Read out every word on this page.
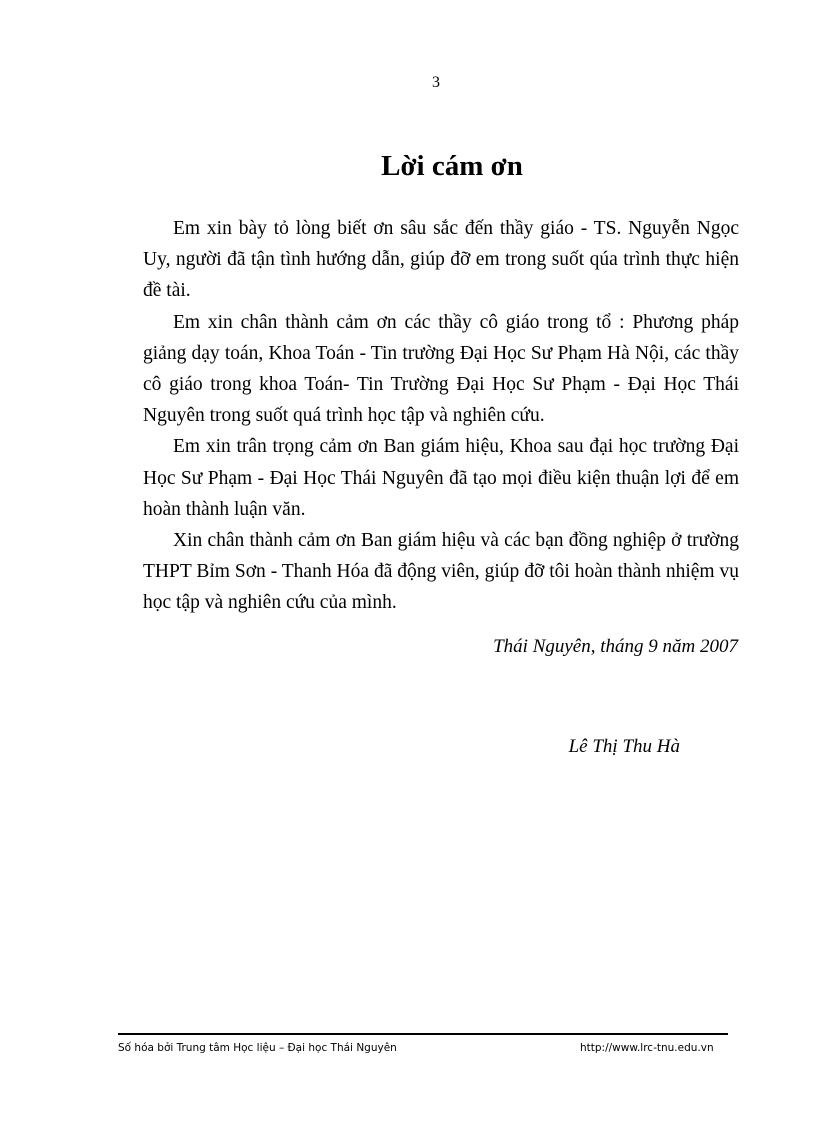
3
Lời cám ơn

Em xin bày tỏ lòng biết ơn sâu sắc đến thầy giáo - TS. Nguyễn Ngọc Uy, người đã tận tình hướng dẫn, giúp đỡ em trong suốt qúa trình thực hiện đề tài.

Em xin chân thành cảm ơn các thầy cô giáo trong tổ : Phương pháp giảng dạy toán, Khoa Toán - Tin trường Đại Học Sư Phạm Hà Nội, các thầy cô giáo trong khoa Toán- Tin Trường Đại Học Sư Phạm - Đại Học Thái Nguyên trong suốt quá trình học tập và nghiên cứu.

Em xin trân trọng cảm ơn Ban giám hiệu, Khoa sau đại học trường Đại Học Sư Phạm - Đại Học Thái Nguyên đã tạo mọi điều kiện thuận lợi để em hoàn thành luận văn.

Xin chân thành cảm ơn Ban giám hiệu và các bạn đồng nghiệp ở trường THPT Bỉm Sơn - Thanh Hóa đã động viên, giúp đỡ tôi hoàn thành nhiệm vụ học tập và nghiên cứu của mình.

Thái Nguyên, tháng 9 năm 2007
Lê Thị Thu Hà
Số hóa bởi Trung tâm Học liệu – Đại học Thái Nguyên	http://www.lrc-tnu.edu.vn
